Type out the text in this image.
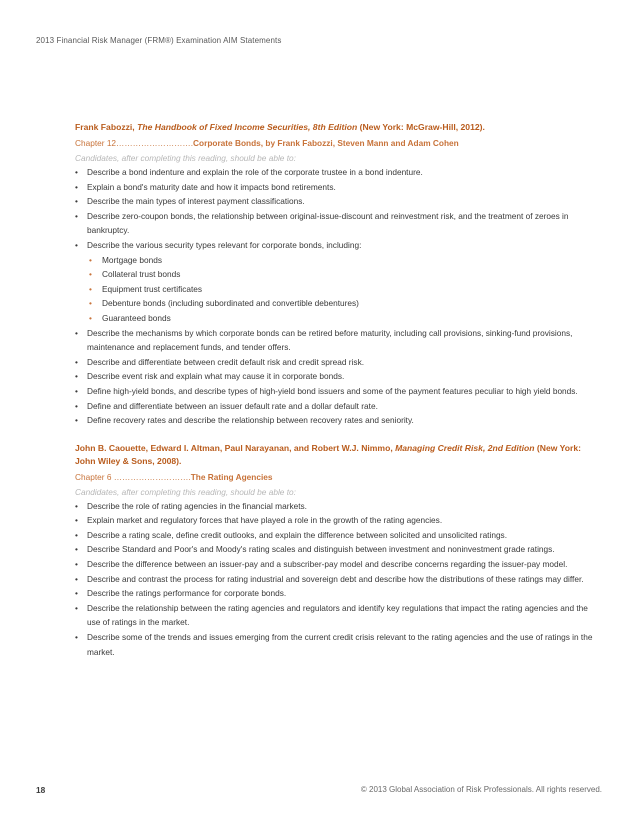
2013 Financial Risk Manager (FRM®) Examination AIM Statements

Frank Fabozzi, The Handbook of Fixed Income Securities, 8th Edition (New York: McGraw-Hill, 2012).

Chapter 12……………………….Corporate Bonds, by Frank Fabozzi, Steven Mann and Adam Cohen
Candidates, after completing this reading, should be able to:
• Describe a bond indenture and explain the role of the corporate trustee in a bond indenture.
• Explain a bond's maturity date and how it impacts bond retirements.
• Describe the main types of interest payment classifications.
• Describe zero-coupon bonds, the relationship between original-issue-discount and reinvestment risk, and the treatment of zeroes in bankruptcy.
• Describe the various security types relevant for corporate bonds, including:
• Mortgage bonds
• Collateral trust bonds
• Equipment trust certificates
• Debenture bonds (including subordinated and convertible debentures)
• Guaranteed bonds
• Describe the mechanisms by which corporate bonds can be retired before maturity, including call provisions, sinking-fund provisions, maintenance and replacement funds, and tender offers.
• Describe and differentiate between credit default risk and credit spread risk.
• Describe event risk and explain what may cause it in corporate bonds.
• Define high-yield bonds, and describe types of high-yield bond issuers and some of the payment features peculiar to high yield bonds.
• Define and differentiate between an issuer default rate and a dollar default rate.
• Define recovery rates and describe the relationship between recovery rates and seniority.

John B. Caouette, Edward I. Altman, Paul Narayanan, and Robert W.J. Nimmo, Managing Credit Risk, 2nd Edition (New York: John Wiley & Sons, 2008).

Chapter 6 ……………………….The Rating Agencies
Candidates, after completing this reading, should be able to:
• Describe the role of rating agencies in the financial markets.
• Explain market and regulatory forces that have played a role in the growth of the rating agencies.
• Describe a rating scale, define credit outlooks, and explain the difference between solicited and unsolicited ratings.
• Describe Standard and Poor's and Moody's rating scales and distinguish between investment and noninvestment grade ratings.
• Describe the difference between an issuer-pay and a subscriber-pay model and describe concerns regarding the issuer-pay model.
• Describe and contrast the process for rating industrial and sovereign debt and describe how the distributions of these ratings may differ.
• Describe the ratings performance for corporate bonds.
• Describe the relationship between the rating agencies and regulators and identify key regulations that impact the rating agencies and the use of ratings in the market.
• Describe some of the trends and issues emerging from the current credit crisis relevant to the rating agencies and the use of ratings in the market.
18	© 2013 Global Association of Risk Professionals. All rights reserved.
